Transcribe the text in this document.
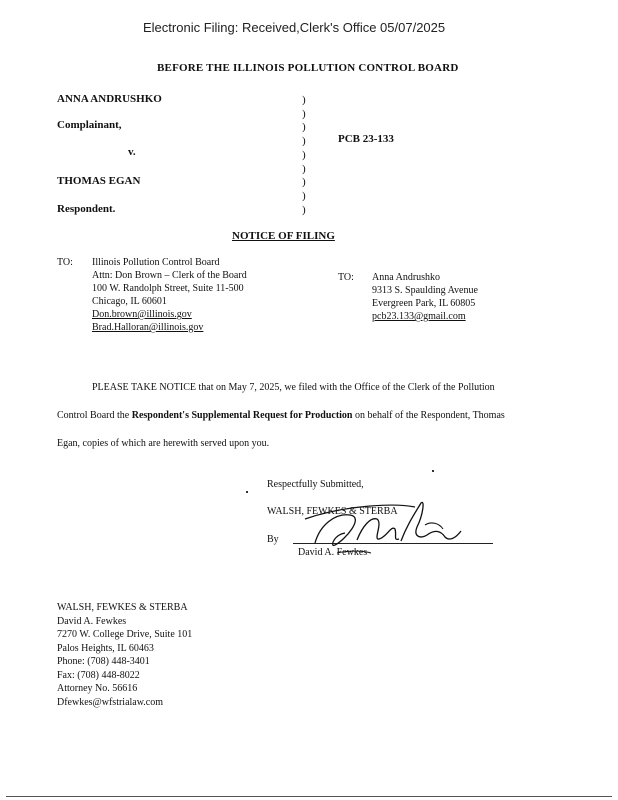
Electronic Filing: Received,Clerk's Office 05/07/2025
BEFORE THE ILLINOIS POLLUTION CONTROL BOARD
ANNA ANDRUSHKO
Complainant,
v.
THOMAS EGAN
Respondent.
PCB 23-133
)
)
)
)
)
)
)
)
)
NOTICE OF FILING
TO: Illinois Pollution Control Board
Attn: Don Brown – Clerk of the Board
100 W. Randolph Street, Suite 11-500
Chicago, IL 60601
Don.brown@illinois.gov
Brad.Halloran@illinois.gov
TO: Anna Andrushko
9313 S. Spaulding Avenue
Evergreen Park, IL 60805
pcb23.133@gmail.com
PLEASE TAKE NOTICE that on May 7, 2025, we filed with the Office of the Clerk of the Pollution
Control Board the Respondent's Supplemental Request for Production on behalf of the Respondent, Thomas
Egan, copies of which are herewith served upon you.
Respectfully Submitted,
WALSH, FEWKES & STERBA
By
David A. Fewkes
WALSH, FEWKES & STERBA
David A. Fewkes
7270 W. College Drive, Suite 101
Palos Heights, IL 60463
Phone: (708) 448-3401
Fax: (708) 448-8022
Attorney No. 56616
Dfewkes@wfstrialaw.com
